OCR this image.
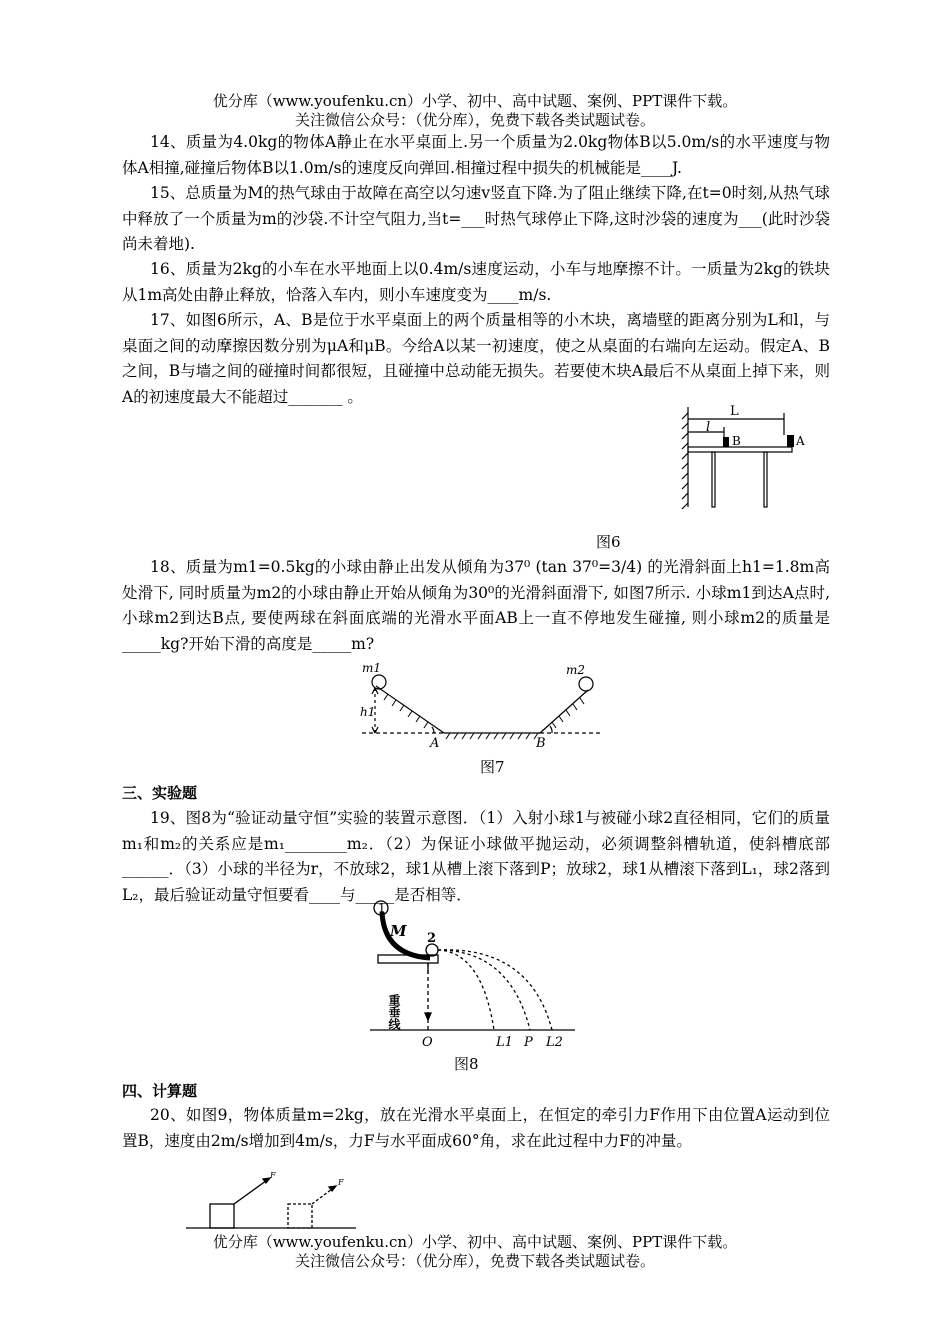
优分库（www.youfenku.cn）小学、初中、高中试题、案例、PPT课件下载。
关注微信公众号：（优分库），免费下载各类试题试卷。
14、质量为4.0kg的物体A静止在水平桌面上.另一个质量为2.0kg物体B以5.0m/s的水平速度与物体A相撞,碰撞后物体B以1.0m/s的速度反向弹回.相撞过程中损失的机械能是____J.
15、总质量为M的热气球由于故障在高空以匀速v竖直下降.为了阻止继续下降,在t=0时刻,从热气球中释放了一个质量为m的沙袋.不计空气阻力,当t=___时热气球停止下降,这时沙袋的速度为___(此时沙袋尚未着地).
16、质量为2kg的小车在水平地面上以0.4m/s速度运动，小车与地摩擦不计。一质量为2kg的铁块从1m高处由静止释放，恰落入车内，则小车速度变为____m/s.
17、如图6所示，A、B是位于水平桌面上的两个质量相等的小木块，离墙壁的距离分别为L和l，与桌面之间的动摩擦因数分别为μA和μB。今给A以某一初速度，使之从桌面的右端向左运动。假定A、B之间，B与墙之间的碰撞时间都很短，且碰撞中总动能无损失。若要使木块A最后不从桌面上掉下来，则A的初速度最大不能超过_______ 。
L
l
B	A
图6
18、质量为m1=0.5kg的小球由静止出发从倾角为37⁰ (tan 37⁰=3/4) 的光滑斜面上h1=1.8m高处滑下, 同时质量为m2的小球由静止开始从倾角为30⁰的光滑斜面滑下, 如图7所示. 小球m1到达A点时, 小球m2到达B点, 要使两球在斜面底端的光滑水平面AB上一直不停地发生碰撞, 则小球m2的质量是_____kg?开始下滑的高度是_____m?
m1	m2
h1
A	B
图7
三、实验题
19、图8为“验证动量守恒”实验的装置示意图．（1）入射小球1与被碰小球2直径相同，它们的质量m₁和m₂的关系应是m₁________m₂．（2）为保证小球做平抛运动，必须调整斜槽轨道，使斜槽底部______．（3）小球的半径为r，不放球2，球1从槽上滚下落到P；放球2，球1从槽滚下落到L₁，球2落到L₂，最后验证动量守恒要看____与_____是否相等．
1
M 2
重垂线
O	L1 P L2
图8
四、计算题
20、如图9，物体质量m=2kg，放在光滑水平桌面上，在恒定的牵引力F作用下由位置A运动到位置B，速度由2m/s增加到4m/s，力F与水平面成60°角，求在此过程中力F的冲量。
F
F
优分库（www.youfenku.cn）小学、初中、高中试题、案例、PPT课件下载。
关注微信公众号：（优分库），免费下载各类试题试卷。
